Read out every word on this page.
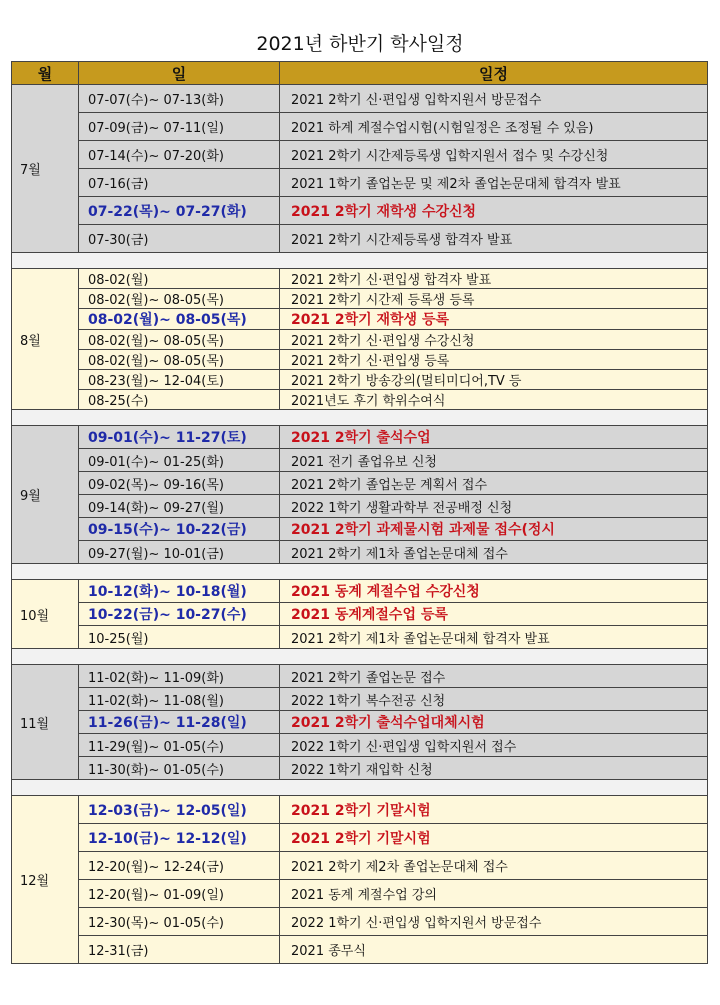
2021년 하반기 학사일정
월	일	일정
7월	07-07(수)~ 07-13(화)	2021 2학기 신·편입생 입학지원서 방문접수
	07-09(금)~ 07-11(일)	2021 하계 계절수업시험(시험일정은 조정될 수 있음)
	07-14(수)~ 07-20(화)	2021 2학기 시간제등록생 입학지원서 접수 및 수강신청
	07-16(금)	2021 1학기 졸업논문 및 제2차 졸업논문대체 합격자 발표
	07-22(목)~ 07-27(화)	2021 2학기 재학생 수강신청
	07-30(금)	2021 2학기 시간제등록생 합격자 발표

8월	08-02(월)	2021 2학기 신·편입생 합격자 발표
	08-02(월)~ 08-05(목)	2021 2학기 시간제 등록생 등록
	08-02(월)~ 08-05(목)	2021 2학기 재학생 등록
	08-02(월)~ 08-05(목)	2021 2학기 신·편입생 수강신청
	08-02(월)~ 08-05(목)	2021 2학기 신·편입생 등록
	08-23(월)~ 12-04(토)	2021 2학기 방송강의(멀티미디어,TV 등
	08-25(수)	2021년도 후기 학위수여식

9월	09-01(수)~ 11-27(토)	2021 2학기 출석수업
	09-01(수)~ 01-25(화)	2021 전기 졸업유보 신청
	09-02(목)~ 09-16(목)	2021 2학기 졸업논문 계획서 접수
	09-14(화)~ 09-27(월)	2022 1학기 생활과학부 전공배정 신청
	09-15(수)~ 10-22(금)	2021 2학기 과제물시험 과제물 접수(정시
	09-27(월)~ 10-01(금)	2021 2학기 제1차 졸업논문대체 접수

10월	10-12(화)~ 10-18(월)	2021 동계 계절수업 수강신청
	10-22(금)~ 10-27(수)	2021 동계계절수업 등록
	10-25(월)	2021 2학기 제1차 졸업논문대체 합격자 발표

11월	11-02(화)~ 11-09(화)	2021 2학기 졸업논문 접수
	11-02(화)~ 11-08(월)	2022 1학기 복수전공 신청
	11-26(금)~ 11-28(일)	2021 2학기 출석수업대체시험
	11-29(월)~ 01-05(수)	2022 1학기 신·편입생 입학지원서 접수
	11-30(화)~ 01-05(수)	2022 1학기 재입학 신청

12월	12-03(금)~ 12-05(일)	2021 2학기 기말시험
	12-10(금)~ 12-12(일)	2021 2학기 기말시험
	12-20(월)~ 12-24(금)	2021 2학기 제2차 졸업논문대체 접수
	12-20(월)~ 01-09(일)	2021 동계 계절수업 강의
	12-30(목)~ 01-05(수)	2022 1학기 신·편입생 입학지원서 방문접수
	12-31(금)	2021 종무식
